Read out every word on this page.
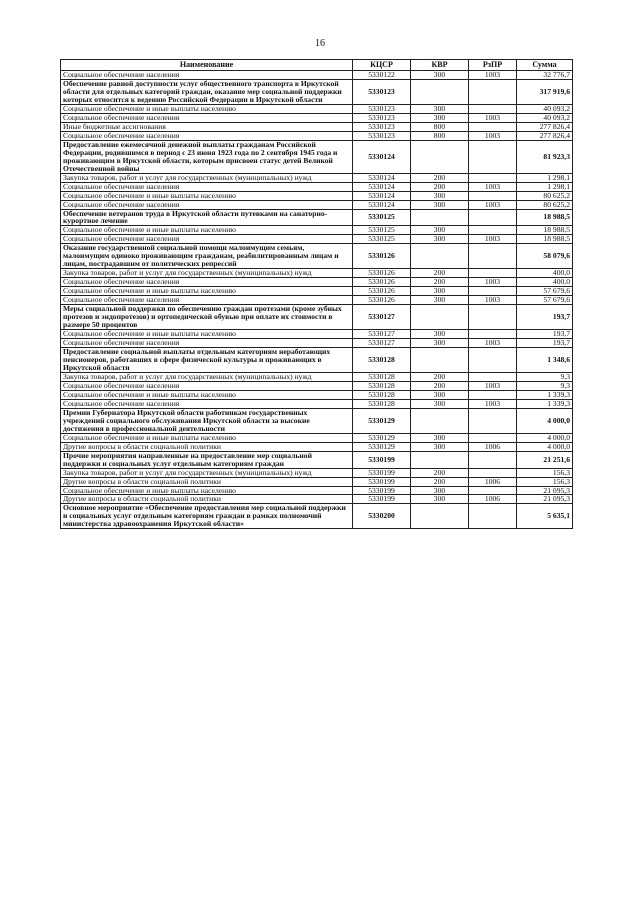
16
Наименование	КЦСР	КВР	РзПР	Сумма
Социальное обеспечение населения	5330122	300	1003	32 776,7
Обеспечение равной доступности услуг общественного транспорта в Иркутской области для отдельных категорий граждан, оказание мер социальной поддержки которых относится к ведению Российской Федерации и Иркутской области	5330123			317 919,6
Социальное обеспечение и иные выплаты населению	5330123	300		40 093,2
Социальное обеспечение населения	5330123	300	1003	40 093,2
Иные бюджетные ассигнования	5330123	800		277 826,4
Социальное обеспечение населения	5330123	800	1003	277 826,4
Предоставление ежемесячной денежной выплаты гражданам Российской Федерации, родившимся в период с 23 июня 1923 года по 2 сентября 1945 года и проживающим в Иркутской области, которым присвоен статус детей Великой Отечественной войны	5330124			81 923,3
Закупка товаров, работ и услуг для государственных (муниципальных) нужд	5330124	200		1 298,1
Социальное обеспечение населения	5330124	200	1003	1 298,1
Социальное обеспечение и иные выплаты населению	5330124	300		80 625,2
Социальное обеспечение населения	5330124	300	1003	80 625,2
Обеспечение ветеранов труда в Иркутской области путевками на санаторно-курортное лечение	5330125			18 988,5
Социальное обеспечение и иные выплаты населению	5330125	300		18 988,5
Социальное обеспечение населения	5330125	300	1003	18 988,5
Оказание государственной социальной помощи малоимущим семьям, малоимущим одиноко проживающим гражданам, реабилитированным лицам и лицам, пострадавшим от политических репрессий	5330126			58 079,6
Закупка товаров, работ и услуг для государственных (муниципальных) нужд	5330126	200		400,0
Социальное обеспечение населения	5330126	200	1003	400,0
Социальное обеспечение и иные выплаты населению	5330126	300		57 679,6
Социальное обеспечение населения	5330126	300	1003	57 679,6
Меры социальной поддержки по обеспечению граждан протезами (кроме зубных протезов и эндопротезов) и ортопедической обувью при оплате их стоимости в размере 50 процентов	5330127			193,7
Социальное обеспечение и иные выплаты населению	5330127	300		193,7
Социальное обеспечение населения	5330127	300	1003	193,7
Предоставление социальной выплаты отдельным категориям неработающих пенсионеров, работавших в сфере физической культуры и проживающих в Иркутской области	5330128			1 348,6
Закупка товаров, работ и услуг для государственных (муниципальных) нужд	5330128	200		9,3
Социальное обеспечение населения	5330128	200	1003	9,3
Социальное обеспечение и иные выплаты населению	5330128	300		1 339,3
Социальное обеспечение населения	5330128	300	1003	1 339,3
Премии Губернатора Иркутской области работникам государственных учреждений социального обслуживания Иркутской области за высокие достижения в профессиональной деятельности	5330129			4 000,0
Социальное обеспечение и иные выплаты населению	5330129	300		4 000,0
Другие вопросы в области социальной политики	5330129	300	1006	4 000,0
Прочие мероприятия направленные на предоставление мер социальной поддержки и социальных услуг отдельным категориям граждан	5330199			21 251,6
Закупка товаров, работ и услуг для государственных (муниципальных) нужд	5330199	200		156,3
Другие вопросы в области социальной политики	5330199	200	1006	156,3
Социальное обеспечение и иные выплаты населению	5330199	300		21 095,3
Другие вопросы в области социальной политики	5330199	300	1006	21 095,3
Основное мероприятие «Обеспечение предоставления мер социальной поддержки и социальных услуг отдельным категориям граждан в рамках полномочий министерства здравоохранения Иркутской области»	5330200			5 635,1
